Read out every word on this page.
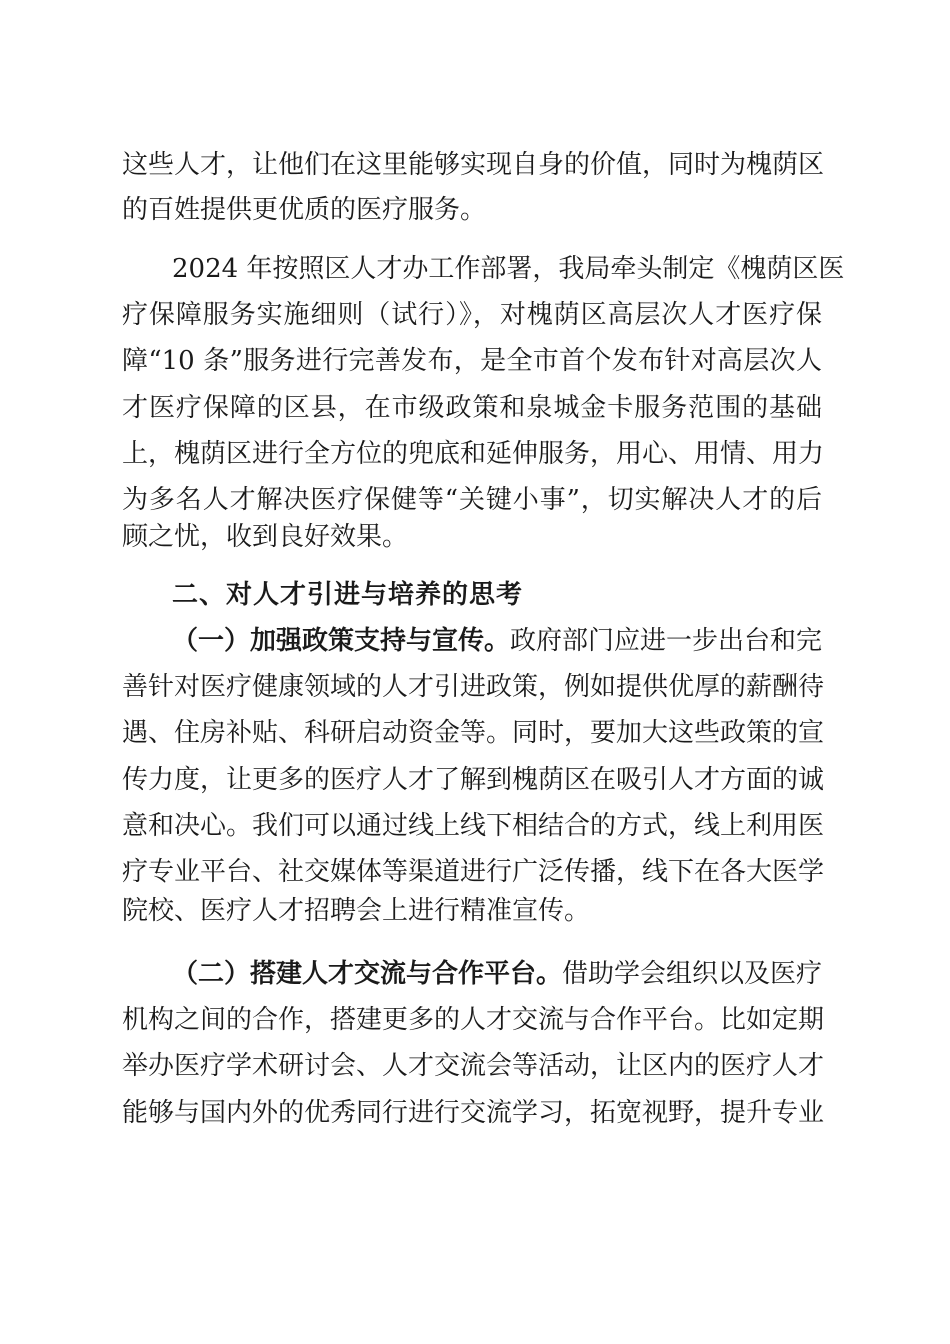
这些人才，让他们在这里能够实现自身的价值，同时为槐荫区
的百姓提供更优质的医疗服务。
2024 年按照区人才办工作部署，我局牵头制定《槐荫区医
疗保障服务实施细则（试行）》，对槐荫区高层次人才医疗保
障“10 条”服务进行完善发布，是全市首个发布针对高层次人
才医疗保障的区县，在市级政策和泉城金卡服务范围的基础
上，槐荫区进行全方位的兜底和延伸服务，用心、用情、用力
为多名人才解决医疗保健等“关键小事”，切实解决人才的后
顾之忧，收到良好效果。
二、对人才引进与培养的思考
（一）加强政策支持与宣传。政府部门应进一步出台和完
善针对医疗健康领域的人才引进政策，例如提供优厚的薪酬待
遇、住房补贴、科研启动资金等。同时，要加大这些政策的宣
传力度，让更多的医疗人才了解到槐荫区在吸引人才方面的诚
意和决心。我们可以通过线上线下相结合的方式，线上利用医
疗专业平台、社交媒体等渠道进行广泛传播，线下在各大医学
院校、医疗人才招聘会上进行精准宣传。
（二）搭建人才交流与合作平台。借助学会组织以及医疗
机构之间的合作，搭建更多的人才交流与合作平台。比如定期
举办医疗学术研讨会、人才交流会等活动，让区内的医疗人才
能够与国内外的优秀同行进行交流学习，拓宽视野，提升专业
